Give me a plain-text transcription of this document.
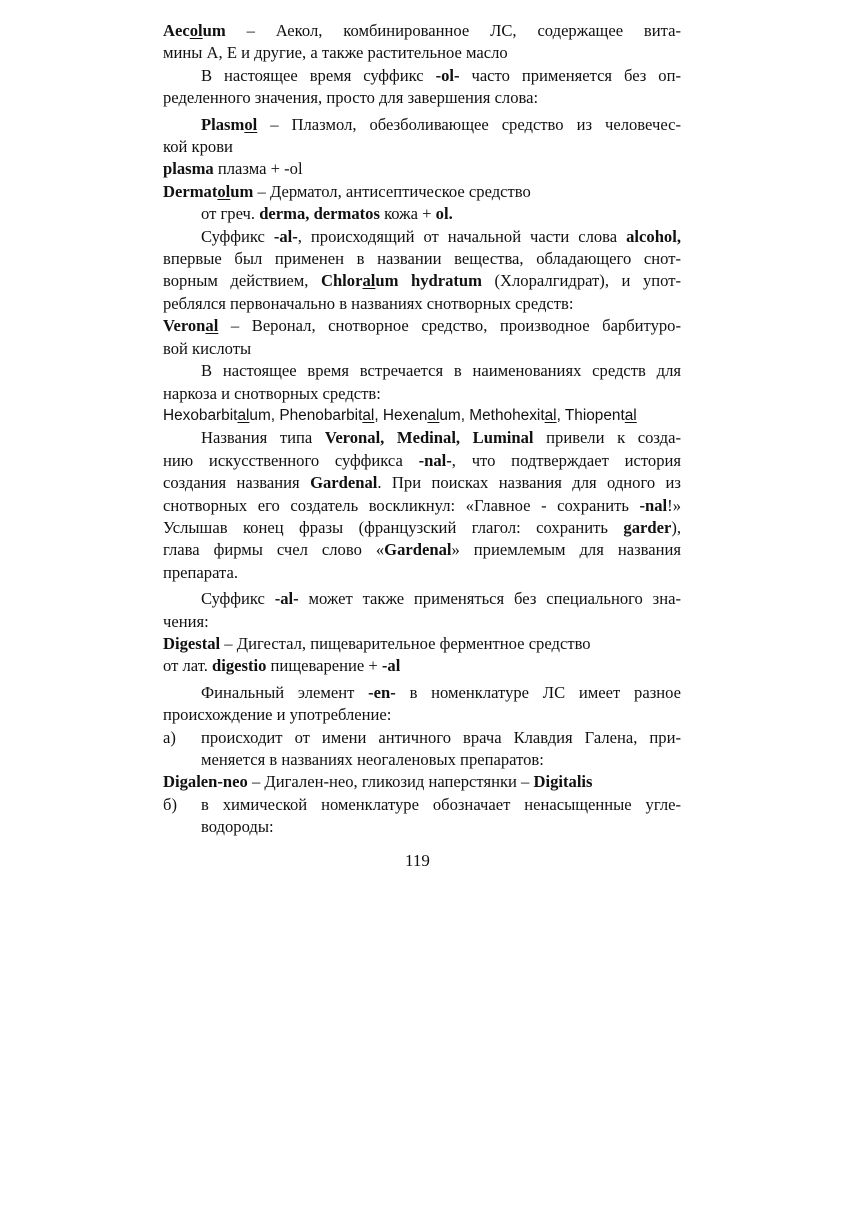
Aecolum – Аекол, комбинированное ЛС, содержащее вита-
мины А, Е и другие, а также растительное масло
В настоящее время суффикс -ol- часто применяется без оп-
ределенного значения, просто для завершения слова:
Plasmol – Плазмол, обезболивающее средство из человечес-
кой крови
plasma плазма + -ol
Dermatolum – Дерматол, антисептическое средство
от греч. derma, dermatos кожа + ol.
Суффикс -al-, происходящий от начальной части слова alcohol,
впервые был применен в названии вещества, обладающего снот-
ворным действием, Chloralum hydratum (Хлоралгидрат), и упот-
реблялся первоначально в названиях снотворных средств:
Veronal – Веронал, снотворное средство, производное барбитуро-
вой кислоты
В настоящее время встречается в наименованиях средств для
наркоза и снотворных средств:
Hexobarbitalum, Phenobarbital, Hexenalum, Methohexital, Thiopental
Названия типа Veronal, Medinal, Luminal привели к созда-
нию искусственного суффикса -nal-, что подтверждает история
создания названия Gardenal. При поисках названия для одного из
снотворных его создатель воскликнул: «Главное - сохранить -nal!»
Услышав конец фразы (французский глагол: сохранить garder),
глава фирмы счел слово «Gardenal» приемлемым для названия
препарата.
Суффикс -al- может также применяться без специального зна-
чения:
Digestal – Дигестал, пищеварительное ферментное средство
от лат. digestio пищеварение + -al
Финальный элемент -en- в номенклатуре ЛС имеет разное
происхождение и употребление:
а) происходит от имени античного врача Клавдия Галена, при-
меняется в названиях неогаленовых препаратов:
Digalen-neo – Дигален-нео, гликозид наперстянки – Digitalis
б) в химической номенклатуре обозначает ненасыщенные угле-
водороды:
119
